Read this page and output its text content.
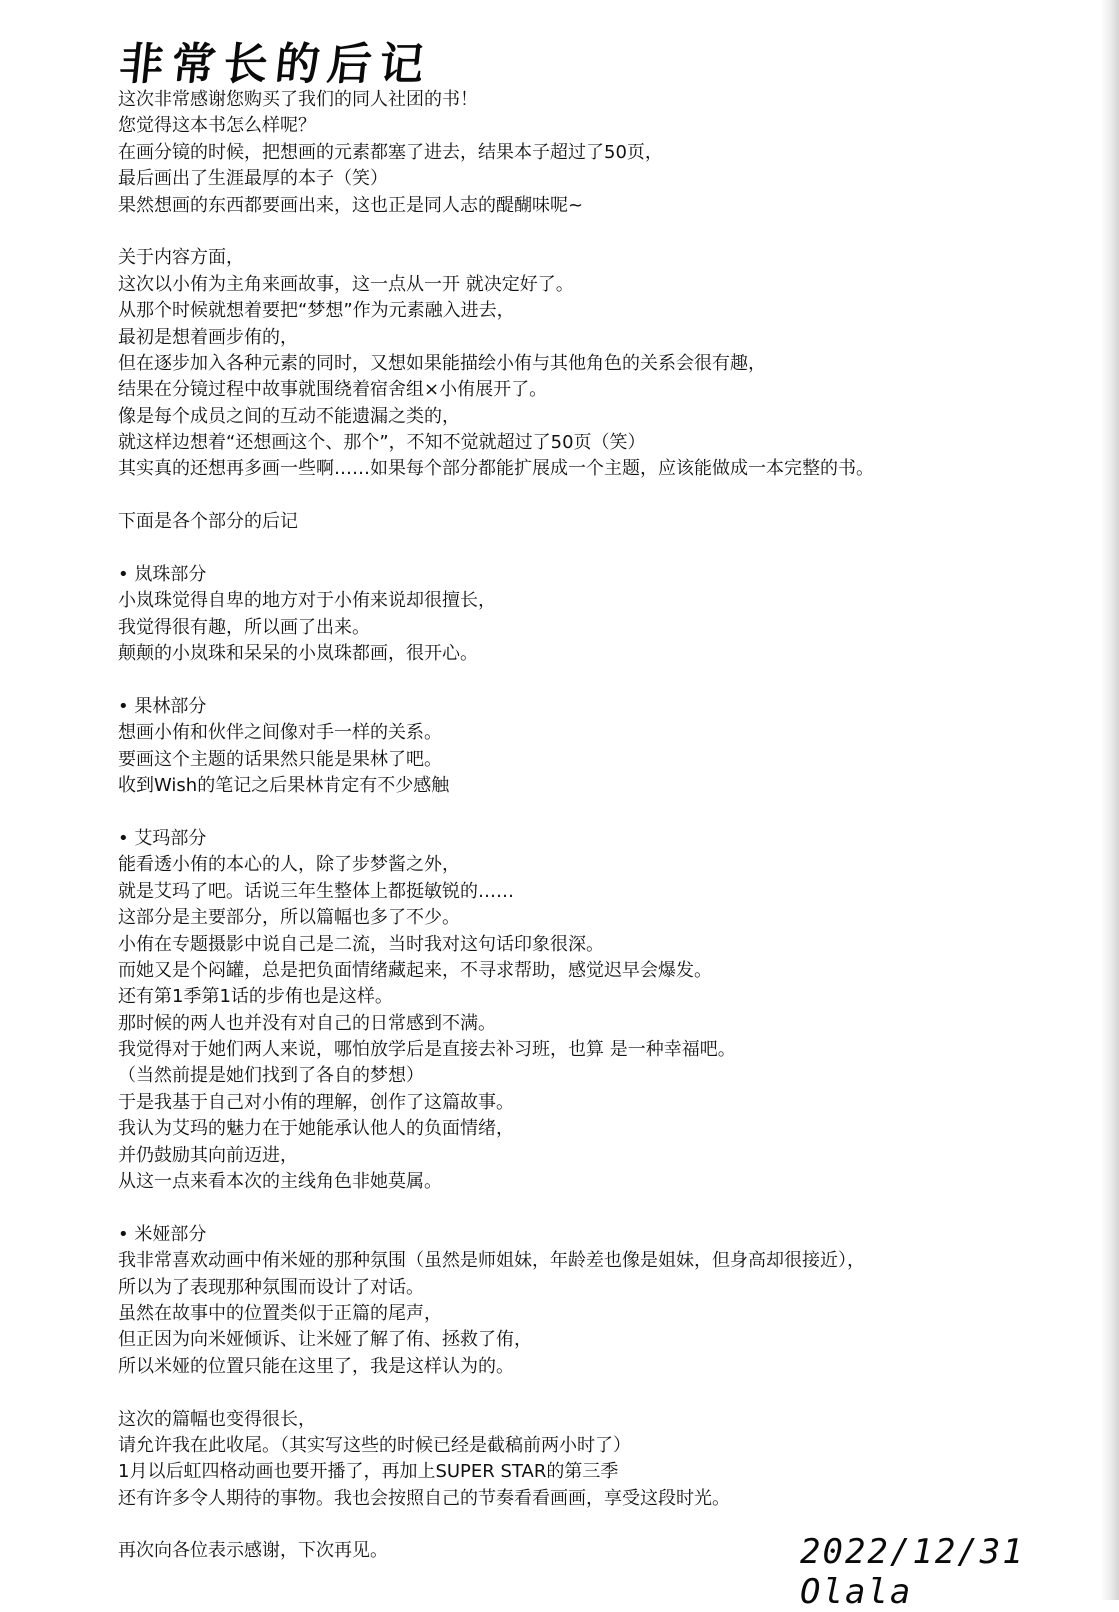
非常长的后记
这次非常感谢您购买了我们的同人社团的书！
您觉得这本书怎么样呢？
在画分镜的时候，把想画的元素都塞了进去，结果本子超过了50页，
最后画出了生涯最厚的本子（笑）
果然想画的东西都要画出来，这也正是同人志的醍醐味呢~
关于内容方面，
这次以小侑为主角来画故事，这一点从一开 就决定好了。
从那个时候就想着要把“梦想”作为元素融入进去，
最初是想着画步侑的，
但在逐步加入各种元素的同时，又想如果能描绘小侑与其他角色的关系会很有趣，
结果在分镜过程中故事就围绕着宿舍组×小侑展开了。
像是每个成员之间的互动不能遗漏之类的，
就这样边想着“还想画这个、那个”，不知不觉就超过了50页（笑）
其实真的还想再多画一些啊……如果每个部分都能扩展成一个主题，应该能做成一本完整的书。
下面是各个部分的后记
• 岚珠部分
小岚珠觉得自卑的地方对于小侑来说却很擅长，
我觉得很有趣，所以画了出来。
颠颠的小岚珠和呆呆的小岚珠都画，很开心。
• 果林部分
想画小侑和伙伴之间像对手一样的关系。
要画这个主题的话果然只能是果林了吧。
收到Wish的笔记之后果林肯定有不少感触
• 艾玛部分
能看透小侑的本心的人，除了步梦酱之外，
就是艾玛了吧。话说三年生整体上都挺敏锐的……
这部分是主要部分，所以篇幅也多了不少。
小侑在专题摄影中说自己是二流，当时我对这句话印象很深。
而她又是个闷罐，总是把负面情绪藏起来，不寻求帮助，感觉迟早会爆发。
还有第1季第1话的步侑也是这样。
那时候的两人也并没有对自己的日常感到不满。
我觉得对于她们两人来说，哪怕放学后是直接去补习班，也算 是一种幸福吧。
（当然前提是她们找到了各自的梦想）
于是我基于自己对小侑的理解，创作了这篇故事。
我认为艾玛的魅力在于她能承认他人的负面情绪，
并仍鼓励其向前迈进，
从这一点来看本次的主线角色非她莫属。
• 米娅部分
我非常喜欢动画中侑米娅的那种氛围（虽然是师姐妹，年龄差也像是姐妹，但身高却很接近），
所以为了表现那种氛围而设计了对话。
虽然在故事中的位置类似于正篇的尾声，
但正因为向米娅倾诉、让米娅了解了侑、拯救了侑，
所以米娅的位置只能在这里了，我是这样认为的。
这次的篇幅也变得很长，
请允许我在此收尾。（其实写这些的时候已经是截稿前两小时了）
1月以后虹四格动画也要开播了，再加上SUPER STAR的第三季
还有许多令人期待的事物。我也会按照自己的节奏看看画画，享受这段时光。
再次向各位表示感谢，下次再见。	2022/12/31 Olala
